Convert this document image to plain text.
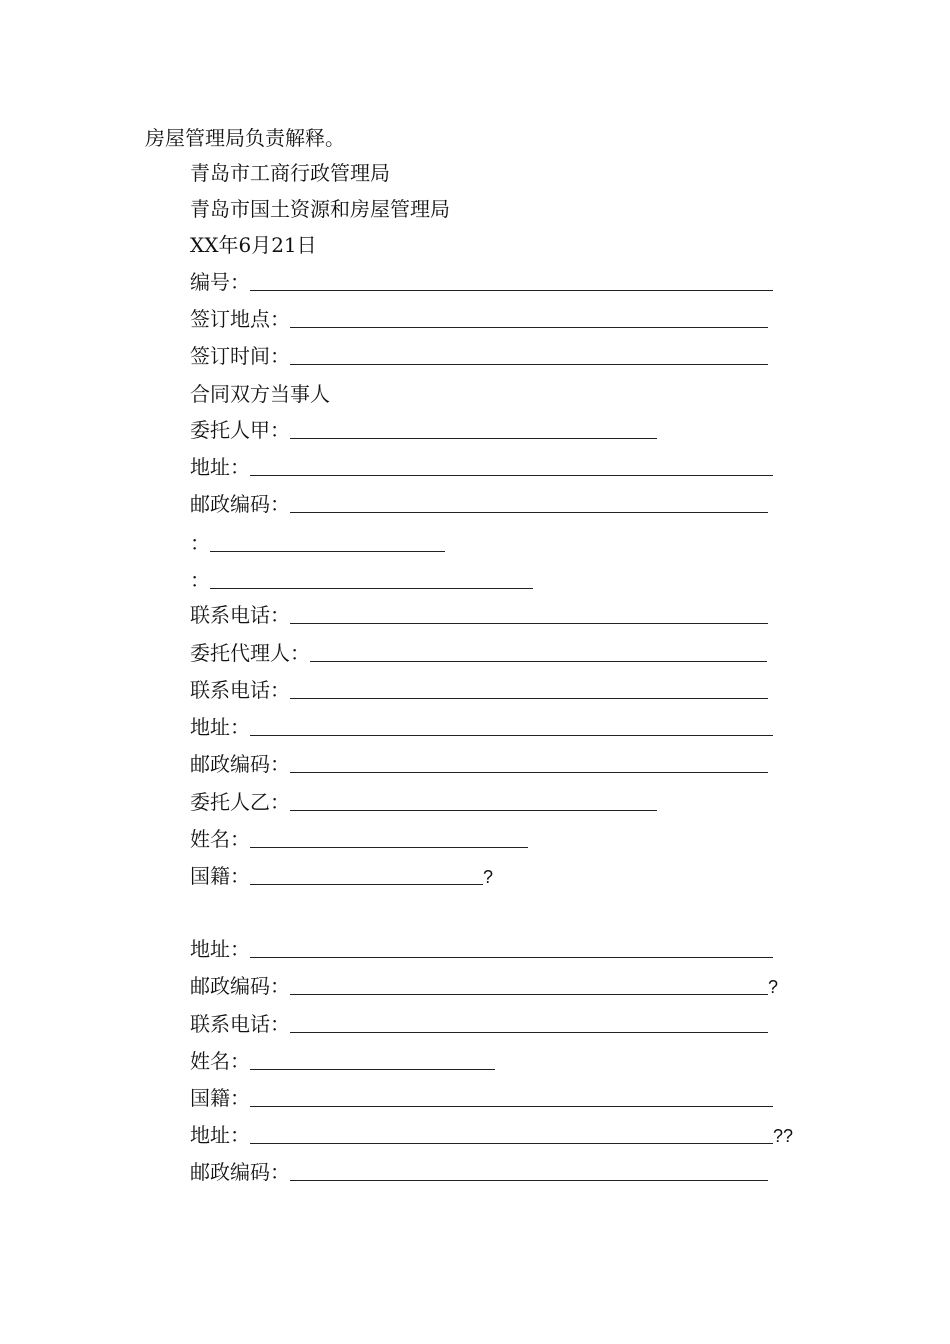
房屋管理局负责解释。
青岛市工商行政管理局
青岛市国土资源和房屋管理局
XX年6月21日
编号：
签订地点：
签订时间：
合同双方当事人
委托人甲：
地址：
邮政编码：
：
：
联系电话：
委托代理人：
联系电话：
地址：
邮政编码：
委托人乙：
姓名：
国籍：	?
地址：
邮政编码：	?
联系电话：
姓名：
国籍：
地址：	??
邮政编码：
